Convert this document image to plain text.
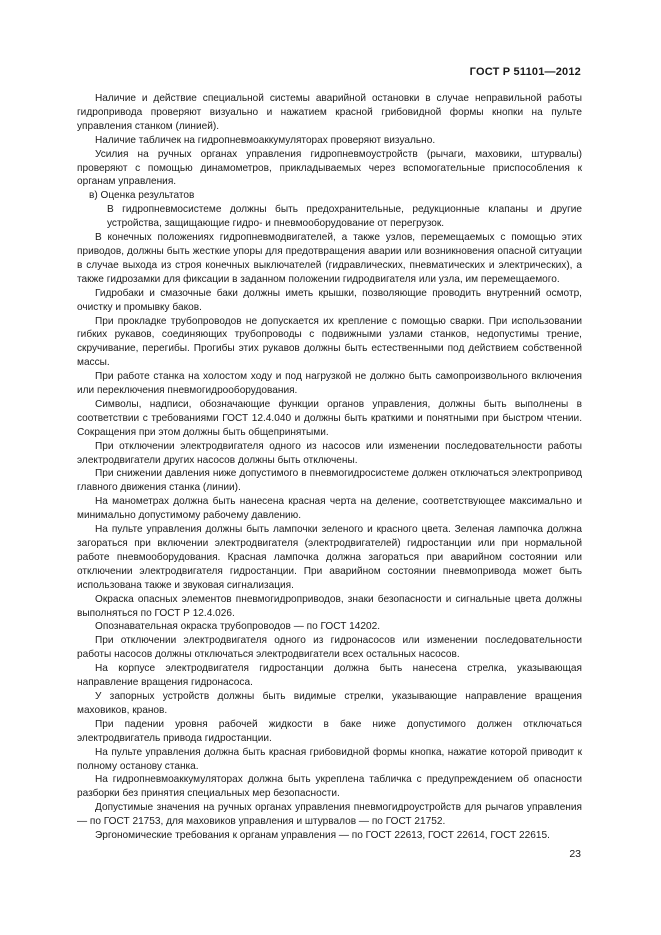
ГОСТ Р 51101—2012

Наличие и действие специальной системы аварийной остановки в случае неправильной работы гидропривода проверяют визуально и нажатием красной грибовидной формы кнопки на пульте управления станком (линией).

Наличие табличек на гидропневмоаккумуляторах проверяют визуально.

Усилия на ручных органах управления гидропневмоустройств (рычаги, маховики, штурвалы) проверяют с помощью динамометров, прикладываемых через вспомогательные приспособления к органам управления.

в) Оценка результатов

В гидропневмосистеме должны быть предохранительные, редукционные клапаны и другие устройства, защищающие гидро- и пневмооборудование от перегрузок.

В конечных положениях гидропневмодвигателей, а также узлов, перемещаемых с помощью этих приводов, должны быть жесткие упоры для предотвращения аварии или возникновения опасной ситуации в случае выхода из строя конечных выключателей (гидравлических, пневматических и электрических), а также гидрозамки для фиксации в заданном положении гидродвигателя или узла, им перемещаемого.

Гидробаки и смазочные баки должны иметь крышки, позволяющие проводить внутренний осмотр, очистку и промывку баков.

При прокладке трубопроводов не допускается их крепление с помощью сварки. При использовании гибких рукавов, соединяющих трубопроводы с подвижными узлами станков, недопустимы трение, скручивание, перегибы. Прогибы этих рукавов должны быть естественными под действием собственной массы.

При работе станка на холостом ходу и под нагрузкой не должно быть самопроизвольного включения или переключения пневмогидрооборудования.

Символы, надписи, обозначающие функции органов управления, должны быть выполнены в соответствии с требованиями ГОСТ 12.4.040 и должны быть краткими и понятными при быстром чтении. Сокращения при этом должны быть общепринятыми.

При отключении электродвигателя одного из насосов или изменении последовательности работы электродвигатели других насосов должны быть отключены.

При снижении давления ниже допустимого в пневмогидросистеме должен отключаться электропривод главного движения станка (линии).

На манометрах должна быть нанесена красная черта на деление, соответствующее максимально и минимально допустимому рабочему давлению.

На пульте управления должны быть лампочки зеленого и красного цвета. Зеленая лампочка должна загораться при включении электродвигателя (электродвигателей) гидростанции или при нормальной работе пневмооборудования. Красная лампочка должна загораться при аварийном состоянии или отключении электродвигателя гидростанции. При аварийном состоянии пневмопривода может быть использована также и звуковая сигнализация.

Окраска опасных элементов пневмогидроприводов, знаки безопасности и сигнальные цвета должны выполняться по ГОСТ Р 12.4.026.

Опознавательная окраска трубопроводов — по ГОСТ 14202.

При отключении электродвигателя одного из гидронасосов или изменении последовательности работы насосов должны отключаться электродвигатели всех остальных насосов.

На корпусе электродвигателя гидростанции должна быть нанесена стрелка, указывающая направление вращения гидронасоса.

У запорных устройств должны быть видимые стрелки, указывающие направление вращения маховиков, кранов.

При падении уровня рабочей жидкости в баке ниже допустимого должен отключаться электродвигатель привода гидростанции.

На пульте управления должна быть красная грибовидной формы кнопка, нажатие которой приводит к полному останову станка.

На гидропневмоаккумуляторах должна быть укреплена табличка с предупреждением об опасности разборки без принятия специальных мер безопасности.

Допустимые значения на ручных органах управления пневмогидроустройств для рычагов управления — по ГОСТ 21753, для маховиков управления и штурвалов — по ГОСТ 21752.

Эргономические требования к органам управления — по ГОСТ 22613, ГОСТ 22614, ГОСТ 22615.

23
